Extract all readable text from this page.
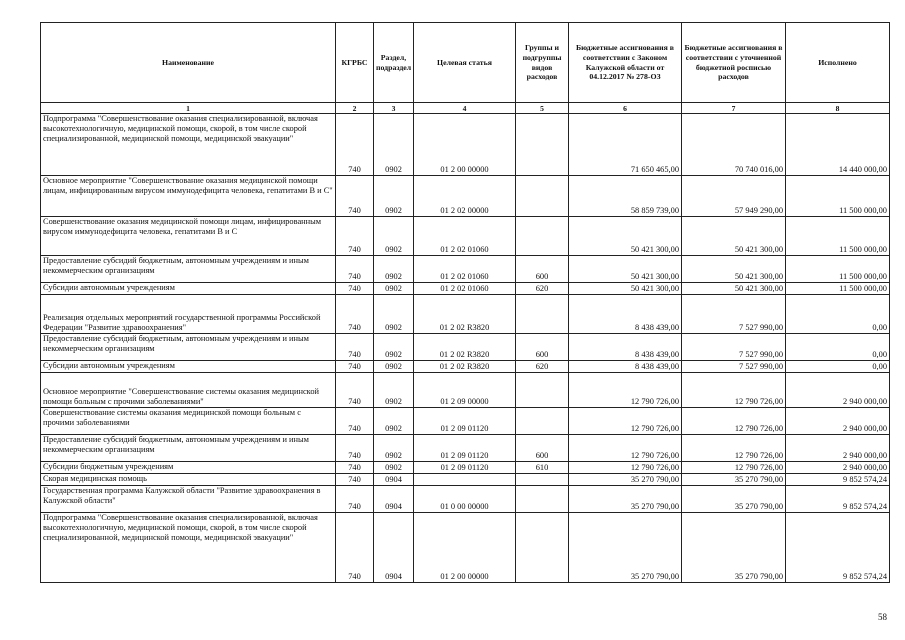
Наименование	КГРБС	Раздел, подраздел	Целевая статья	Группы и подгруппы видов расходов	Бюджетные ассигнования в соответствии с Законом Калужской области от 04.12.2017 № 278-ОЗ	Бюджетные ассигнования в соответствии с уточненной бюджетной росписью расходов	Исполнено
1	2	3	4	5	6	7	8
Подпрограмма "Совершенствование оказания специализированной, включая высокотехнологичную, медицинской помощи, скорой, в том числе скорой специализированной, медицинской помощи, медицинской эвакуации"	740	0902	01 2 00 00000		71 650 465,00	70 740 016,00	14 440 000,00
Основное мероприятие "Совершенствование оказания медицинской помощи лицам, инфицированным вирусом иммунодефицита человека, гепатитами В и С"	740	0902	01 2 02 00000		58 859 739,00	57 949 290,00	11 500 000,00
Совершенствование оказания медицинской помощи лицам, инфицированным вирусом иммунодефицита человека, гепатитами В и С	740	0902	01 2 02 01060		50 421 300,00	50 421 300,00	11 500 000,00
Предоставление субсидий бюджетным, автономным учреждениям и иным некоммерческим организациям	740	0902	01 2 02 01060	600	50 421 300,00	50 421 300,00	11 500 000,00
Субсидии автономным учреждениям	740	0902	01 2 02 01060	620	50 421 300,00	50 421 300,00	11 500 000,00
Реализация отдельных мероприятий государственной программы Российской Федерации "Развитие здравоохранения"	740	0902	01 2 02 R3820		8 438 439,00	7 527 990,00	0,00
Предоставление субсидий бюджетным, автономным учреждениям и иным некоммерческим организациям	740	0902	01 2 02 R3820	600	8 438 439,00	7 527 990,00	0,00
Субсидии автономным учреждениям	740	0902	01 2 02 R3820	620	8 438 439,00	7 527 990,00	0,00
Основное мероприятие "Совершенствование системы оказания медицинской помощи больным с прочими заболеваниями"	740	0902	01 2 09 00000		12 790 726,00	12 790 726,00	2 940 000,00
Совершенствование системы оказания медицинской помощи больным с прочими заболеваниями	740	0902	01 2 09 01120		12 790 726,00	12 790 726,00	2 940 000,00
Предоставление субсидий бюджетным, автономным учреждениям и иным некоммерческим организациям	740	0902	01 2 09 01120	600	12 790 726,00	12 790 726,00	2 940 000,00
Субсидии бюджетным учреждениям	740	0902	01 2 09 01120	610	12 790 726,00	12 790 726,00	2 940 000,00
Скорая медицинская помощь	740	0904			35 270 790,00	35 270 790,00	9 852 574,24
Государственная программа Калужской области "Развитие здравоохранения в Калужской области"	740	0904	01 0 00 00000		35 270 790,00	35 270 790,00	9 852 574,24
Подпрограмма "Совершенствование оказания специализированной, включая высокотехнологичную, медицинской помощи, скорой, в том числе скорой специализированной, медицинской помощи, медицинской эвакуации"	740	0904	01 2 00 00000		35 270 790,00	35 270 790,00	9 852 574,24
58
